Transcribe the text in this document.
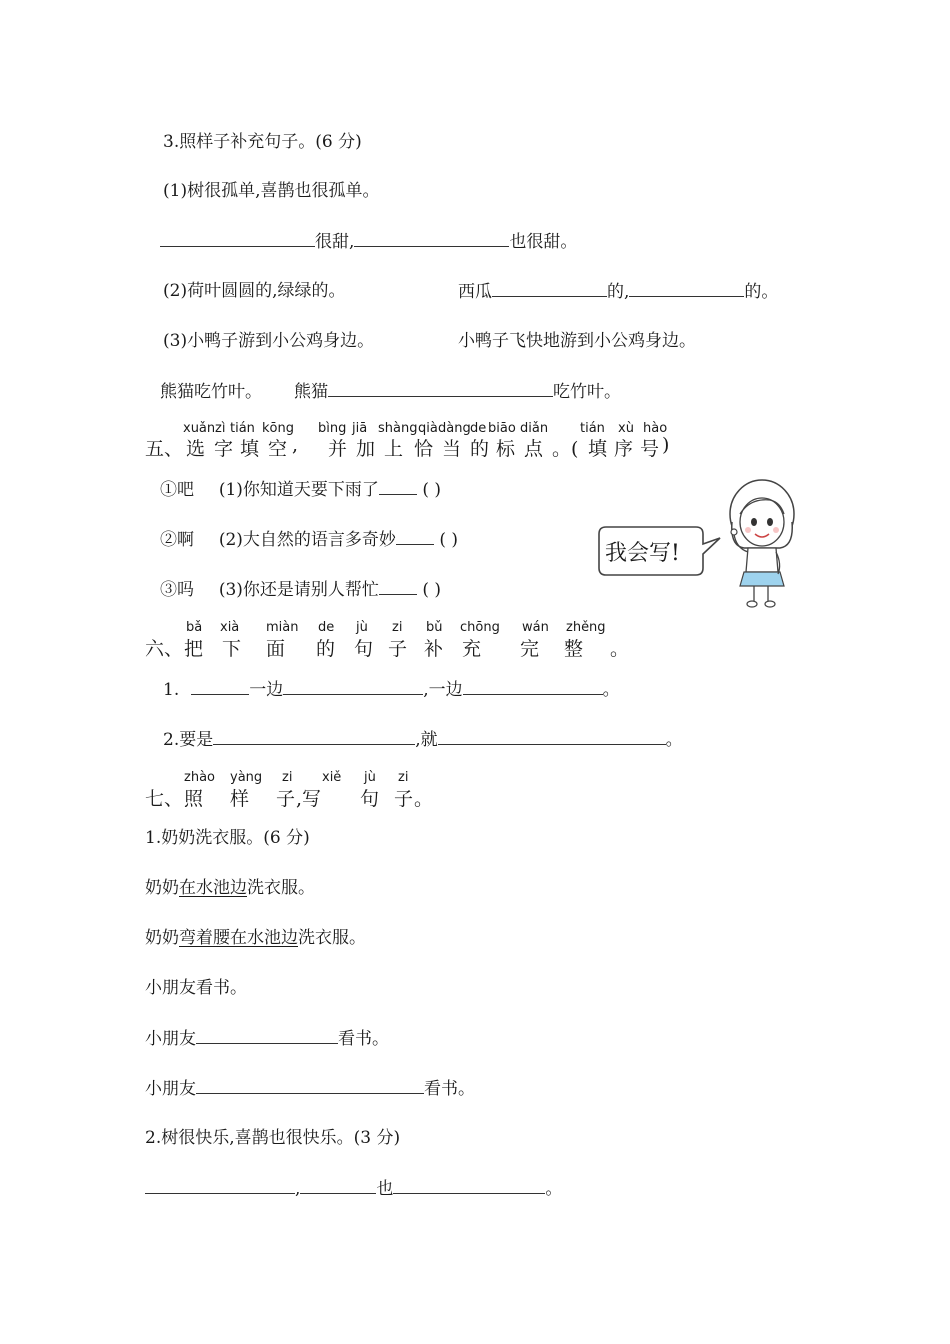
3.照样子补充句子。(6 分)
(1)树很孤单,喜鹊也很孤单。
很甜,	也很甜。
(2)荷叶圆圆的,绿绿的。	西瓜	的,	的。
(3)小鸭子游到小公鸡身边。	小鸭子飞快地游到小公鸡身边。
熊猫吃竹叶。 熊猫	吃竹叶。
xuǎn zì tián kōng bìng jiā shàng qià dàng de biāo diǎn tián xù hào
五、 选 字 填 空 , 并 加 上 恰 当 的 标 点 。( 填 序 号 )
①吧 (1)你知道天要下雨了	( )
②啊 (2)大自然的语言多奇妙	( )
③吗 (3)你还是请别人帮忙	( )
我会写!
bǎ xià miàn de jù zi bǔ chōng wán zhěng
六、 把 下 面 的 句 子 补 充 完 整 。
1.	一边	,一边	。
2.要是	,就	。
zhào yàng zi xiě jù zi
七、 照 样 子 ,写 句 子 。
1.奶奶洗衣服。(6 分)
奶奶在水池边洗衣服。
奶奶弯着腰在水池边洗衣服。
小朋友看书。
小朋友	看书。
小朋友	看书。
2.树很快乐,喜鹊也很快乐。(3 分)
,	也	。
